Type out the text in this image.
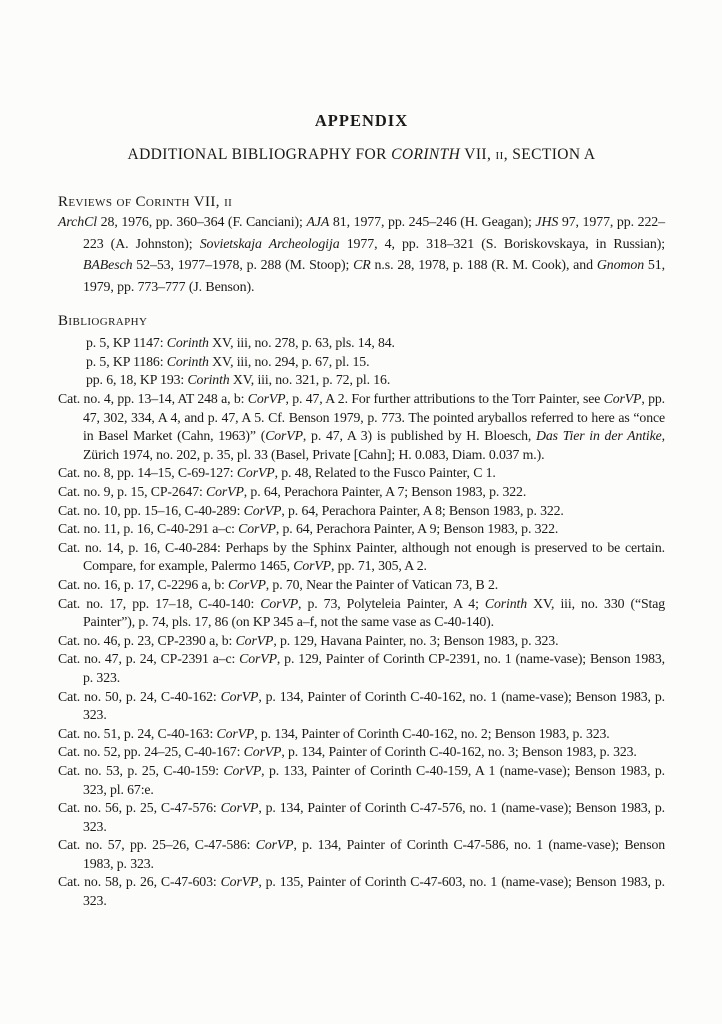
APPENDIX
ADDITIONAL BIBLIOGRAPHY FOR CORINTH VII, ii, SECTION A
Reviews of Corinth VII, ii

ArchCl 28, 1976, pp. 360–364 (F. Canciani); AJA 81, 1977, pp. 245–246 (H. Geagan); JHS 97, 1977, pp. 222–223 (A. Johnston); Sovietskaja Archeologija 1977, 4, pp. 318–321 (S. Boriskovskaya, in Russian); BABesch 52–53, 1977–1978, p. 288 (M. Stoop); CR n.s. 28, 1978, p. 188 (R. M. Cook), and Gnomon 51, 1979, pp. 773–777 (J. Benson).

Bibliography
p. 5, KP 1147: Corinth XV, iii, no. 278, p. 63, pls. 14, 84.
p. 5, KP 1186: Corinth XV, iii, no. 294, p. 67, pl. 15.
pp. 6, 18, KP 193: Corinth XV, iii, no. 321, p. 72, pl. 16.
Cat. no. 4, pp. 13–14, AT 248 a, b: CorVP, p. 47, A 2. For further attributions to the Torr Painter, see CorVP, pp. 47, 302, 334, A 4, and p. 47, A 5. Cf. Benson 1979, p. 773. The pointed aryballos referred to here as “once in Basel Market (Cahn, 1963)” (CorVP, p. 47, A 3) is published by H. Bloesch, Das Tier in der Antike, Zürich 1974, no. 202, p. 35, pl. 33 (Basel, Private [Cahn]; H. 0.083, Diam. 0.037 m.).
Cat. no. 8, pp. 14–15, C-69-127: CorVP, p. 48, Related to the Fusco Painter, C 1.
Cat. no. 9, p. 15, CP-2647: CorVP, p. 64, Perachora Painter, A 7; Benson 1983, p. 322.
Cat. no. 10, pp. 15–16, C-40-289: CorVP, p. 64, Perachora Painter, A 8; Benson 1983, p. 322.
Cat. no. 11, p. 16, C-40-291 a–c: CorVP, p. 64, Perachora Painter, A 9; Benson 1983, p. 322.
Cat. no. 14, p. 16, C-40-284: Perhaps by the Sphinx Painter, although not enough is preserved to be certain. Compare, for example, Palermo 1465, CorVP, pp. 71, 305, A 2.
Cat. no. 16, p. 17, C-2296 a, b: CorVP, p. 70, Near the Painter of Vatican 73, B 2.
Cat. no. 17, pp. 17–18, C-40-140: CorVP, p. 73, Polyteleia Painter, A 4; Corinth XV, iii, no. 330 (“Stag Painter”), p. 74, pls. 17, 86 (on KP 345 a–f, not the same vase as C-40-140).
Cat. no. 46, p. 23, CP-2390 a, b: CorVP, p. 129, Havana Painter, no. 3; Benson 1983, p. 323.
Cat. no. 47, p. 24, CP-2391 a–c: CorVP, p. 129, Painter of Corinth CP-2391, no. 1 (name-vase); Benson 1983, p. 323.
Cat. no. 50, p. 24, C-40-162: CorVP, p. 134, Painter of Corinth C-40-162, no. 1 (name-vase); Benson 1983, p. 323.
Cat. no. 51, p. 24, C-40-163: CorVP, p. 134, Painter of Corinth C-40-162, no. 2; Benson 1983, p. 323.
Cat. no. 52, pp. 24–25, C-40-167: CorVP, p. 134, Painter of Corinth C-40-162, no. 3; Benson 1983, p. 323.
Cat. no. 53, p. 25, C-40-159: CorVP, p. 133, Painter of Corinth C-40-159, A 1 (name-vase); Benson 1983, p. 323, pl. 67:e.
Cat. no. 56, p. 25, C-47-576: CorVP, p. 134, Painter of Corinth C-47-576, no. 1 (name-vase); Benson 1983, p. 323.
Cat. no. 57, pp. 25–26, C-47-586: CorVP, p. 134, Painter of Corinth C-47-586, no. 1 (name-vase); Benson 1983, p. 323.
Cat. no. 58, p. 26, C-47-603: CorVP, p. 135, Painter of Corinth C-47-603, no. 1 (name-vase); Benson 1983, p. 323.
